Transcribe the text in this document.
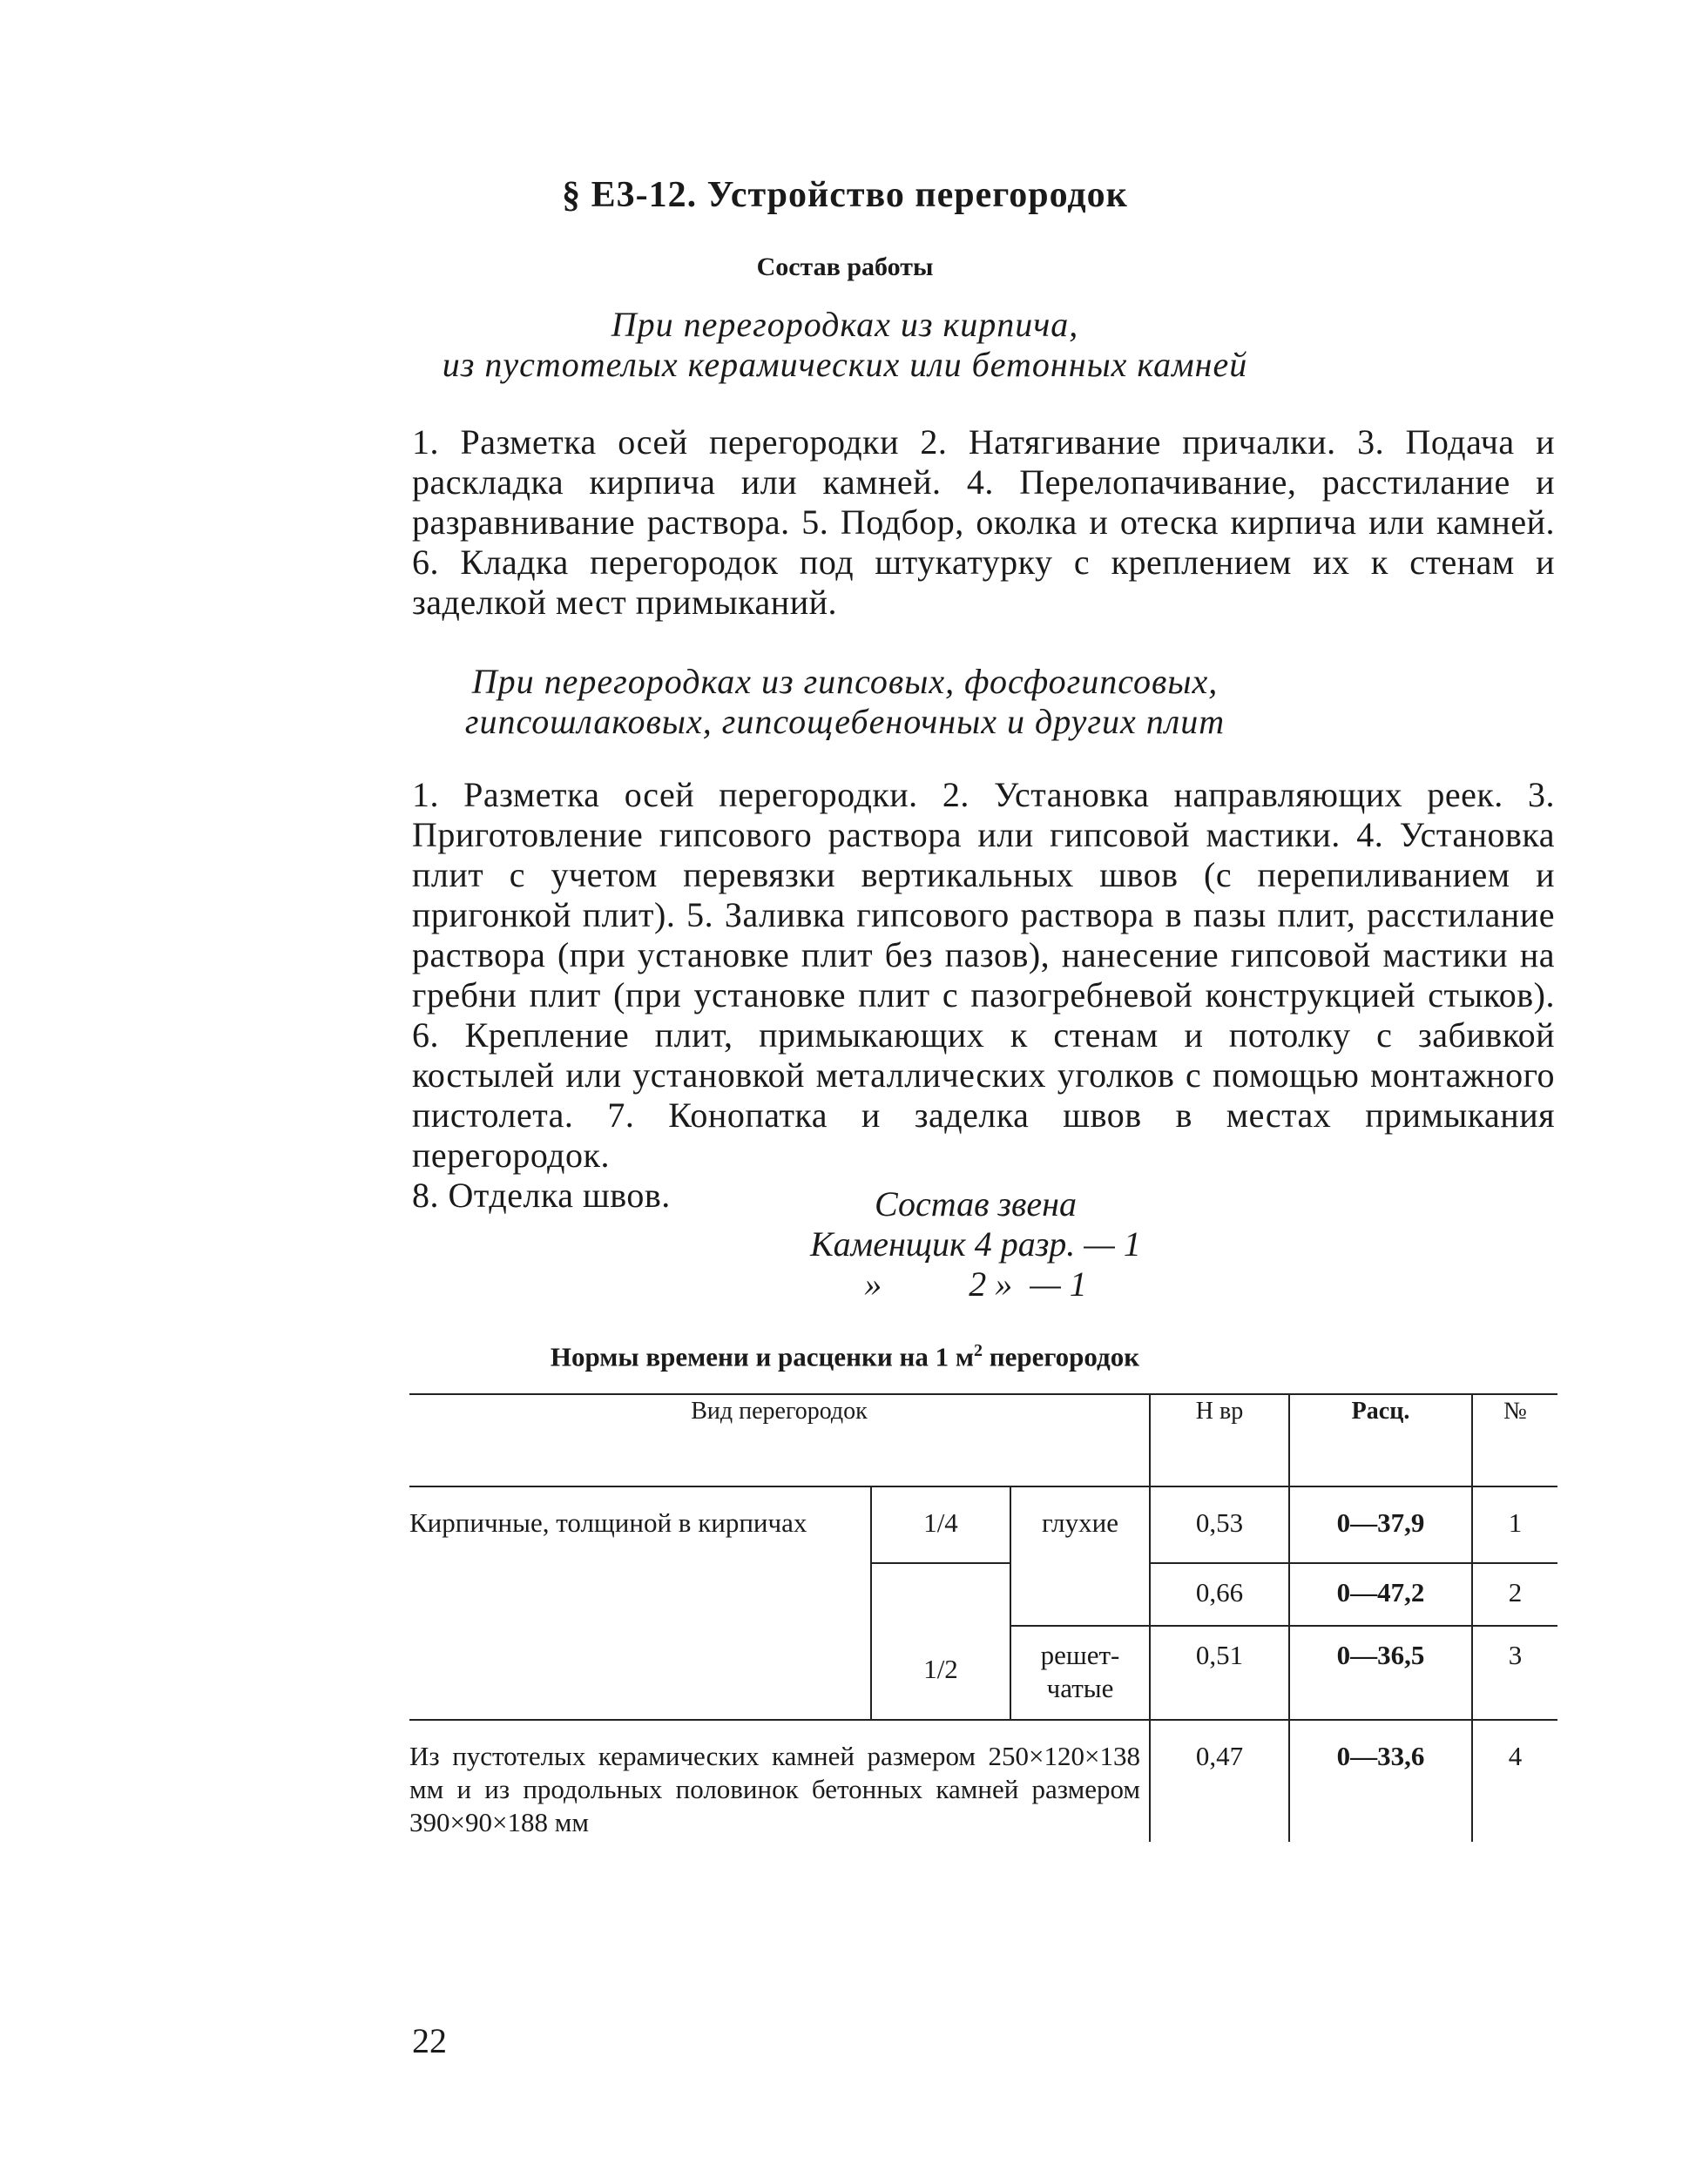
§ Е3-12. Устройство перегородок
Состав работы
При перегородках из кирпича,
из пустотелых керамических или бетонных камней
1. Разметка осей перегородки 2. Натягивание причалки. 3. Подача и раскладка кирпича или камней. 4. Перелопачивание, расстилание и разравнивание раствора. 5. Подбор, околка и отеска кирпича или камней. 6. Кладка перегородок под штукатурку с креплением их к стенам и заделкой мест примыканий.
При перегородках из гипсовых, фосфогипсовых,
гипсошлаковых, гипсощебеночных и других плит
1. Разметка осей перегородки. 2. Установка направляющих реек. 3. Приготовление гипсового раствора или гипсовой мастики. 4. Установка плит с учетом перевязки вертикальных швов (с перепиливанием и пригонкой плит). 5. Заливка гипсового раствора в пазы плит, расстилание раствора (при установке плит без пазов), нанесение гипсовой мастики на гребни плит (при установке плит с пазогребневой конструкцией стыков). 6. Крепление плит, примыкающих к стенам и потолку с забивкой костылей или установкой металлических уголков с помощью монтажного пистолета. 7. Конопатка и заделка швов в местах примыкания перегородок.
8. Отделка швов.	Состав звена
Каменщик 4 разр. — 1
»          2 »  — 1
Нормы времени и расценки на 1 $м^2$ перегородок
Вид перегородок			Н вр	Расц.	№
Кирпичные, толщиной в кирпичах	1/4	глухие	0,53	0—37,9	1
	1/2		0,66	0—47,2	2
		решет-чатые	0,51	0—36,5	3
Из пустотелых керамических камней размером 250×120×138 мм и из продольных половинок бетонных камней размером 390×90×188 мм			0,47	0—33,6	4
22
